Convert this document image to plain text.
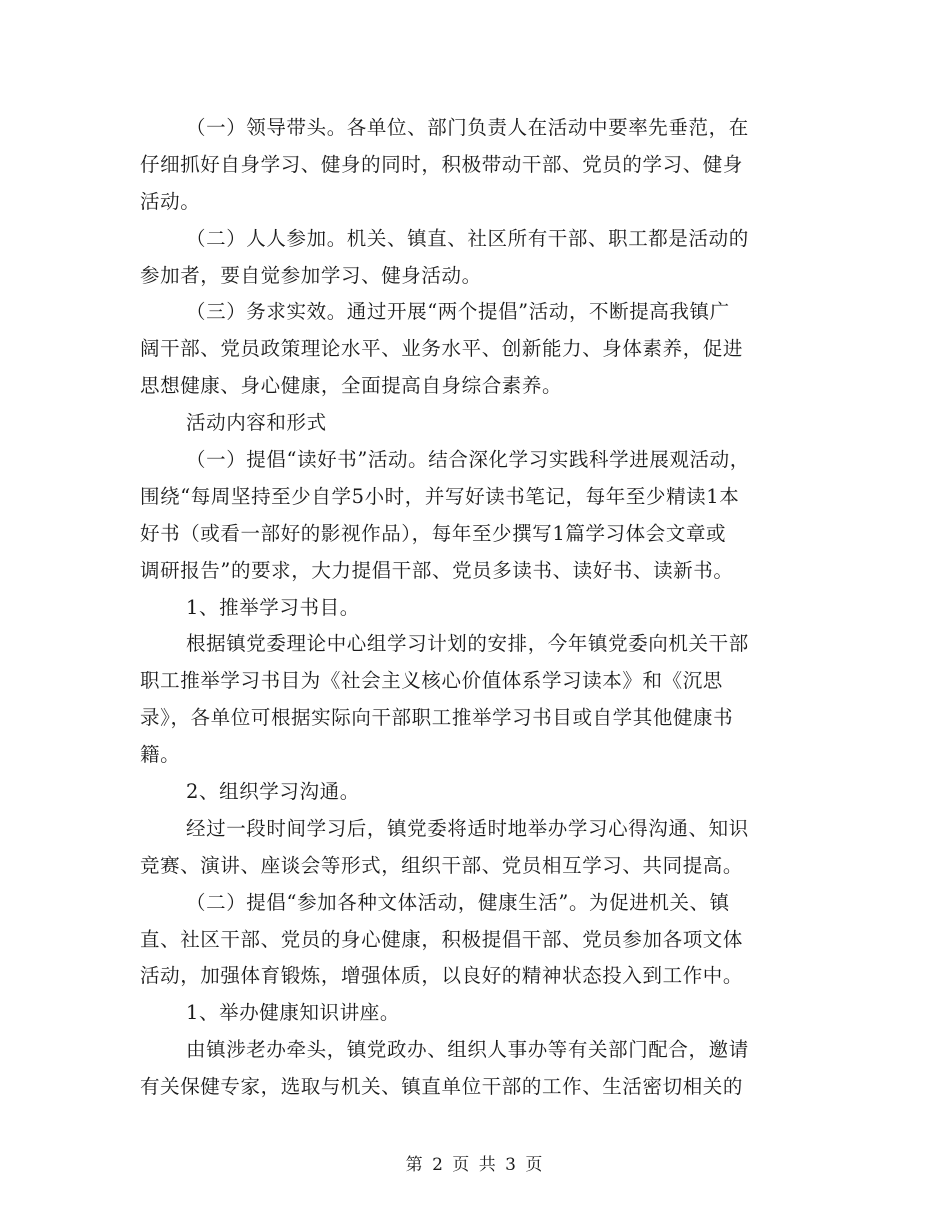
（一）领导带头。各单位、部门负责人在活动中要率先垂范，在
仔细抓好自身学习、健身的同时，积极带动干部、党员的学习、健身
活动。
（二）人人参加。机关、镇直、社区所有干部、职工都是活动的
参加者，要自觉参加学习、健身活动。
（三）务求实效。通过开展“两个提倡”活动，不断提高我镇广
阔干部、党员政策理论水平、业务水平、创新能力、身体素养，促进
思想健康、身心健康，全面提高自身综合素养。
活动内容和形式
（一）提倡“读好书”活动。结合深化学习实践科学进展观活动，
围绕“每周坚持至少自学5小时，并写好读书笔记，每年至少精读1本
好书（或看一部好的影视作品），每年至少撰写1篇学习体会文章或
调研报告”的要求，大力提倡干部、党员多读书、读好书、读新书。
1、推举学习书目。
根据镇党委理论中心组学习计划的安排，今年镇党委向机关干部
职工推举学习书目为《社会主义核心价值体系学习读本》和《沉思
录》，各单位可根据实际向干部职工推举学习书目或自学其他健康书
籍。
2、组织学习沟通。
经过一段时间学习后，镇党委将适时地举办学习心得沟通、知识
竞赛、演讲、座谈会等形式，组织干部、党员相互学习、共同提高。
（二）提倡“参加各种文体活动，健康生活”。为促进机关、镇
直、社区干部、党员的身心健康，积极提倡干部、党员参加各项文体
活动，加强体育锻炼，增强体质，以良好的精神状态投入到工作中。
1、举办健康知识讲座。
由镇涉老办牵头，镇党政办、组织人事办等有关部门配合，邀请
有关保健专家，选取与机关、镇直单位干部的工作、生活密切相关的
第 2 页 共 3 页
